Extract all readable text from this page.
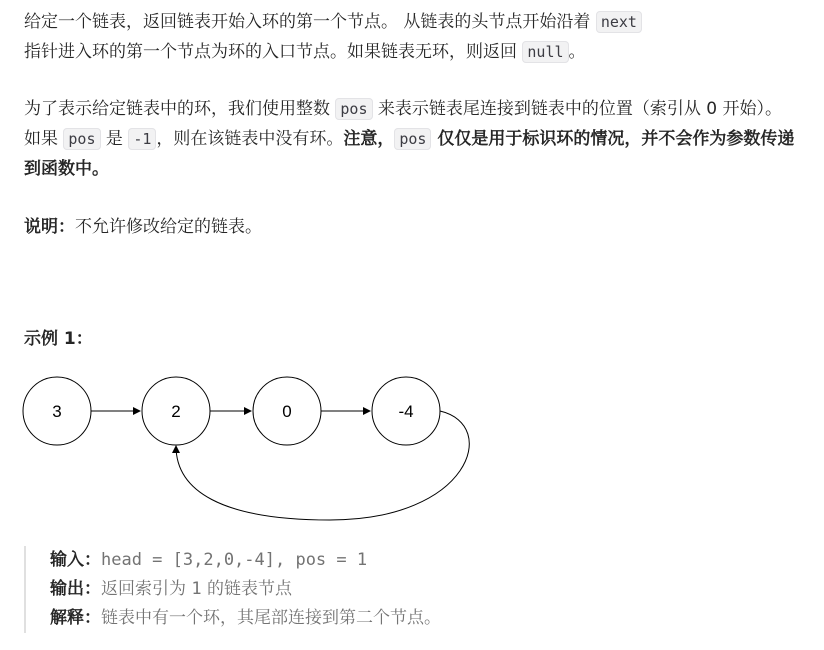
给定一个链表，返回链表开始入环的第一个节点。 从链表的头节点开始沿着 next
指针进入环的第一个节点为环的入口节点。如果链表无环，则返回 null 。

为了表示给定链表中的环，我们使用整数 pos 来表示链表尾连接到链表中的位置（索引从 0 开始）。 如果 pos 是 -1 ，则在该链表中没有环。注意， pos 仅仅是用于标识环的情况，并不会作为参数传递到函数中。

说明：不允许修改给定的链表。

示例 1：

3	2	0	-4
输入：head = [3,2,0,-4], pos = 1
输出：返回索引为 1 的链表节点
解释：链表中有一个环，其尾部连接到第二个节点。
